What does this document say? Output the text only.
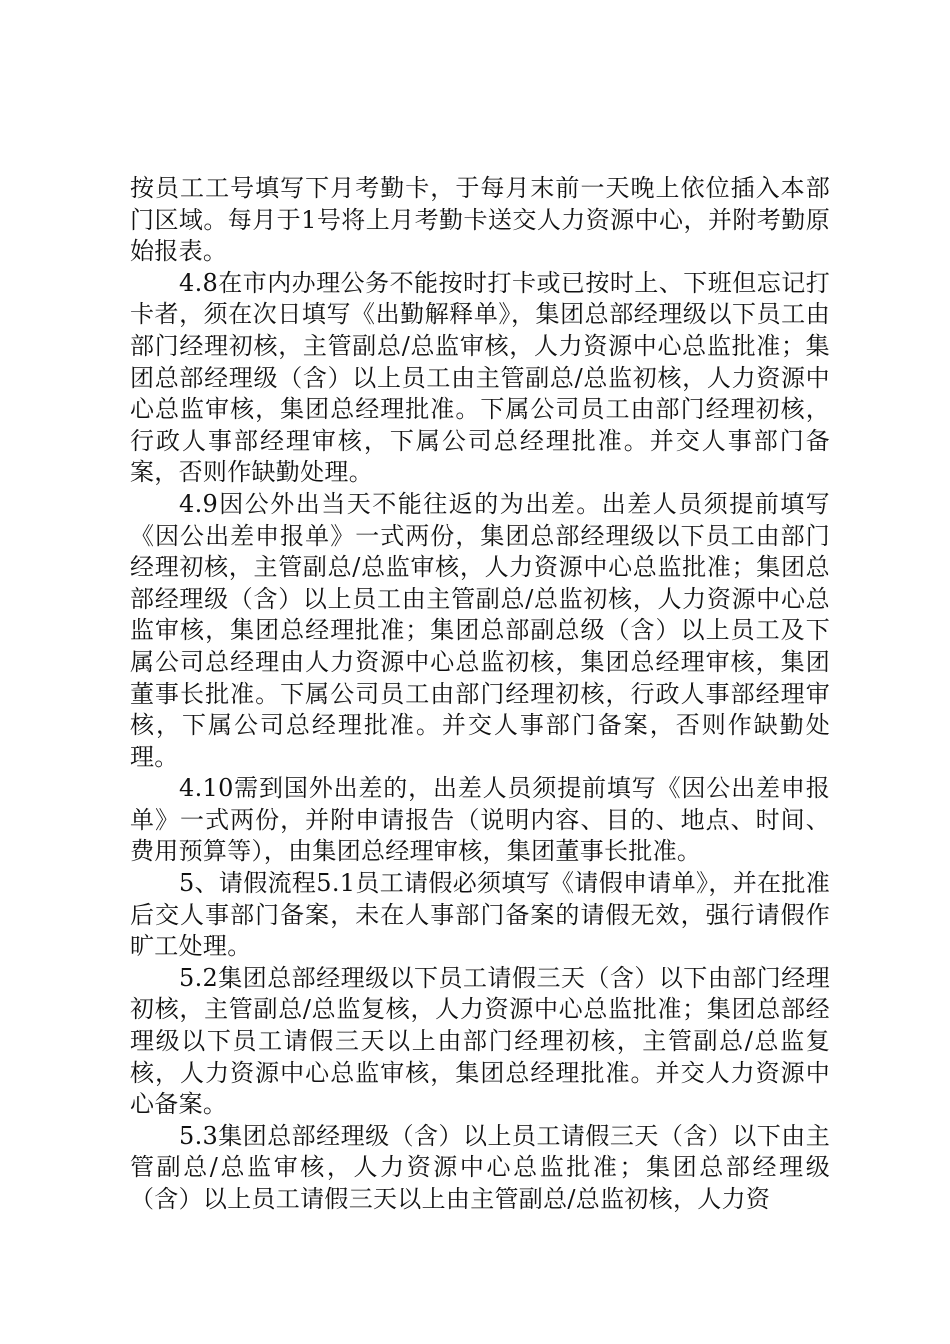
按员工工号填写下月考勤卡，于每月末前一天晚上依位插入本部门区域。每月于1号将上月考勤卡送交人力资源中心，并附考勤原始报表。

4.8在市内办理公务不能按时打卡或已按时上、下班但忘记打卡者，须在次日填写《出勤解释单》，集团总部经理级以下员工由部门经理初核，主管副总/总监审核，人力资源中心总监批准；集团总部经理级（含）以上员工由主管副总/总监初核，人力资源中心总监审核，集团总经理批准。下属公司员工由部门经理初核，行政人事部经理审核，下属公司总经理批准。并交人事部门备案，否则作缺勤处理。

4.9因公外出当天不能往返的为出差。出差人员须提前填写《因公出差申报单》一式两份，集团总部经理级以下员工由部门经理初核，主管副总/总监审核，人力资源中心总监批准；集团总部经理级（含）以上员工由主管副总/总监初核，人力资源中心总监审核，集团总经理批准；集团总部副总级（含）以上员工及下属公司总经理由人力资源中心总监初核，集团总经理审核，集团董事长批准。下属公司员工由部门经理初核，行政人事部经理审核，下属公司总经理批准。并交人事部门备案，否则作缺勤处理。

4.10需到国外出差的，出差人员须提前填写《因公出差申报单》一式两份，并附申请报告（说明内容、目的、地点、时间、费用预算等），由集团总经理审核，集团董事长批准。

5、请假流程5.1员工请假必须填写《请假申请单》，并在批准后交人事部门备案，未在人事部门备案的请假无效，强行请假作旷工处理。

5.2集团总部经理级以下员工请假三天（含）以下由部门经理初核，主管副总/总监复核，人力资源中心总监批准；集团总部经理级以下员工请假三天以上由部门经理初核，主管副总/总监复核，人力资源中心总监审核，集团总经理批准。并交人力资源中心备案。

5.3集团总部经理级（含）以上员工请假三天（含）以下由主管副总/总监审核，人力资源中心总监批准；集团总部经理级（含）以上员工请假三天以上由主管副总/总监初核，人力资
